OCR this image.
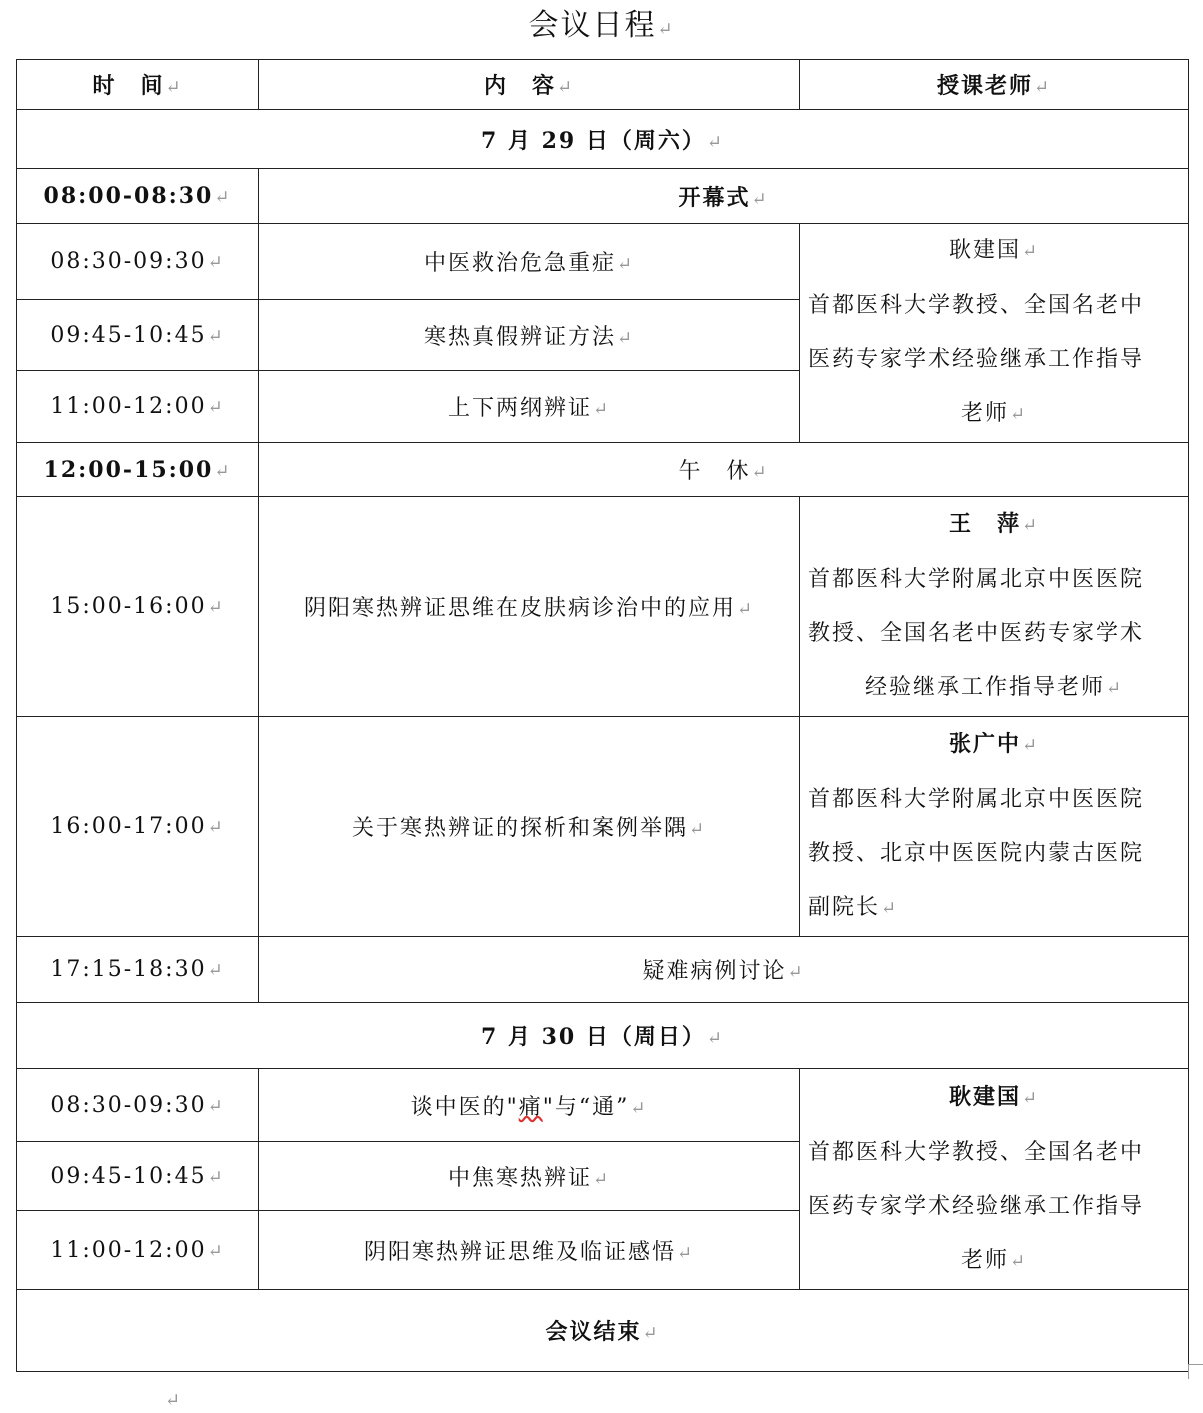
会议日程↵
时　间↵	内　容↵	授课老师↵
7 月 29 日（周六）↵		
08:00-08:30↵	开幕式↵	
08:30-09:30↵	中医救治危急重症↵	耿建国↵
首都医科大学教授、全国名老中
医药专家学术经验继承工作指导
老师↵

09:45-10:45↵	寒热真假辨证方法↵	
11:00-12:00↵	上下两纲辨证↵	
12:00-15:00↵	午　休↵	
15:00-16:00↵	阴阳寒热辨证思维在皮肤病诊治中的应用↵	王　萍↵
首都医科大学附属北京中医医院
教授、全国名老中医药专家学术
经验继承工作指导老师↵

16:00-17:00↵	关于寒热辨证的探析和案例举隅↵	张广中↵
首都医科大学附属北京中医医院
教授、北京中医医院内蒙古医院
副院长↵

17:15-18:30↵	疑难病例讨论↵	
7 月 30 日（周日）↵		
08:30-09:30↵	谈中医的"痛"与“通”↵	耿建国↵
首都医科大学教授、全国名老中
医药专家学术经验继承工作指导
老师↵

09:45-10:45↵	中焦寒热辨证↵	
11:00-12:00↵	阴阳寒热辨证思维及临证感悟↵	
会议结束↵		
↵
